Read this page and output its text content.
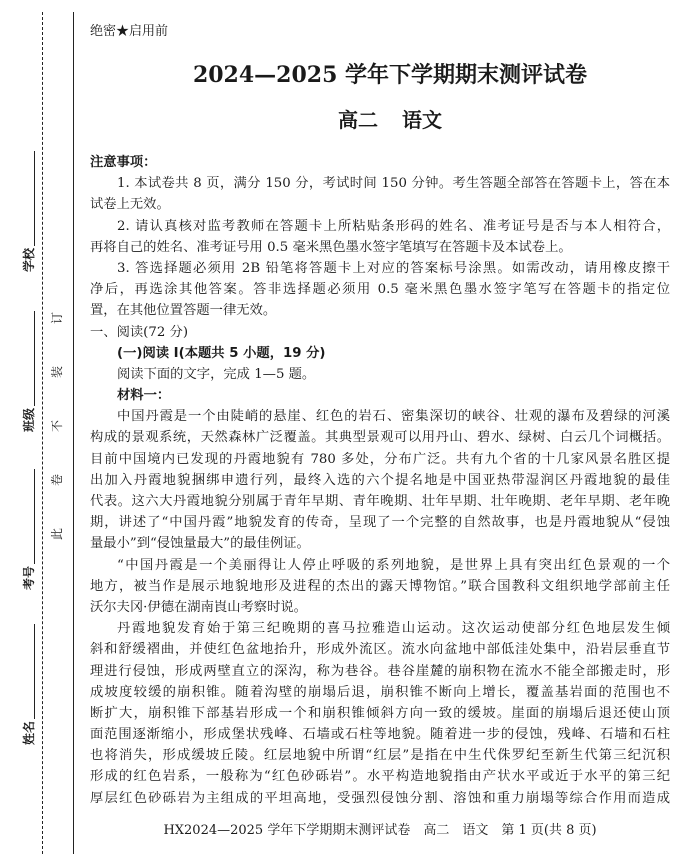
姓名
考号
班级
学校
此卷不装订
绝密★启用前
2024—2025 学年下学期期末测评试卷
高二 语文
注意事项：
1. 本试卷共 8 页，满分 150 分，考试时间 150 分钟。考生答题全部答在答题卡上，答在本
试卷上无效。
2. 请认真核对监考教师在答题卡上所粘贴条形码的姓名、准考证号是否与本人相符合，
再将自己的姓名、准考证号用 0.5 毫米黑色墨水签字笔填写在答题卡及本试卷上。
3. 答选择题必须用 2B 铅笔将答题卡上对应的答案标号涂黑。如需改动，请用橡皮擦干
净后，再选涂其他答案。答非选择题必须用 0.5 毫米黑色墨水签字笔写在答题卡的指定位
置，在其他位置答题一律无效。
一、阅读(72 分)
(一)阅读 I(本题共 5 小题，19 分)
阅读下面的文字，完成 1—5 题。
材料一：
中国丹霞是一个由陡峭的悬崖、红色的岩石、密集深切的峡谷、壮观的瀑布及碧绿的河溪
构成的景观系统，天然森林广泛覆盖。其典型景观可以用丹山、碧水、绿树、白云几个词概括。
目前中国境内已发现的丹霞地貌有 780 多处，分布广泛。共有九个省的十几家风景名胜区提
出加入丹霞地貌捆绑申遗行列，最终入选的六个提名地是中国亚热带湿润区丹霞地貌的最佳
代表。这六大丹霞地貌分别属于青年早期、青年晚期、壮年早期、壮年晚期、老年早期、老年晚
期，讲述了“中国丹霞”地貌发育的传奇，呈现了一个完整的自然故事，也是丹霞地貌从“侵蚀
量最小”到“侵蚀量最大”的最佳例证。
“中国丹霞是一个美丽得让人停止呼吸的系列地貌，是世界上具有突出红色景观的一个
地方，被当作是展示地貌地形及进程的杰出的露天博物馆。”联合国教科文组织地学部前主任
沃尔夫冈·伊德在湖南崀山考察时说。
丹霞地貌发育始于第三纪晚期的喜马拉雅造山运动。这次运动使部分红色地层发生倾
斜和舒缓褶曲，并使红色盆地抬升，形成外流区。流水向盆地中部低洼处集中，沿岩层垂直节
理进行侵蚀，形成两壁直立的深沟，称为巷谷。巷谷崖麓的崩积物在流水不能全部搬走时，形
成坡度较缓的崩积锥。随着沟壁的崩塌后退，崩积锥不断向上增长，覆盖基岩面的范围也不
断扩大，崩积锥下部基岩形成一个和崩积锥倾斜方向一致的缓坡。崖面的崩塌后退还使山顶
面范围逐渐缩小，形成堡状残峰、石墙或石柱等地貌。随着进一步的侵蚀，残峰、石墙和石柱
也将消失，形成缓坡丘陵。红层地貌中所谓“红层”是指在中生代侏罗纪至新生代第三纪沉积
形成的红色岩系，一般称为“红色砂砾岩”。水平构造地貌指由产状水平或近于水平的第三纪
厚层红色砂砾岩为主组成的平坦高地，受强烈侵蚀分割、溶蚀和重力崩塌等综合作用而造成
HX2024—2025 学年下学期期末测评试卷　高二　语文　第 1 页(共 8 页)
